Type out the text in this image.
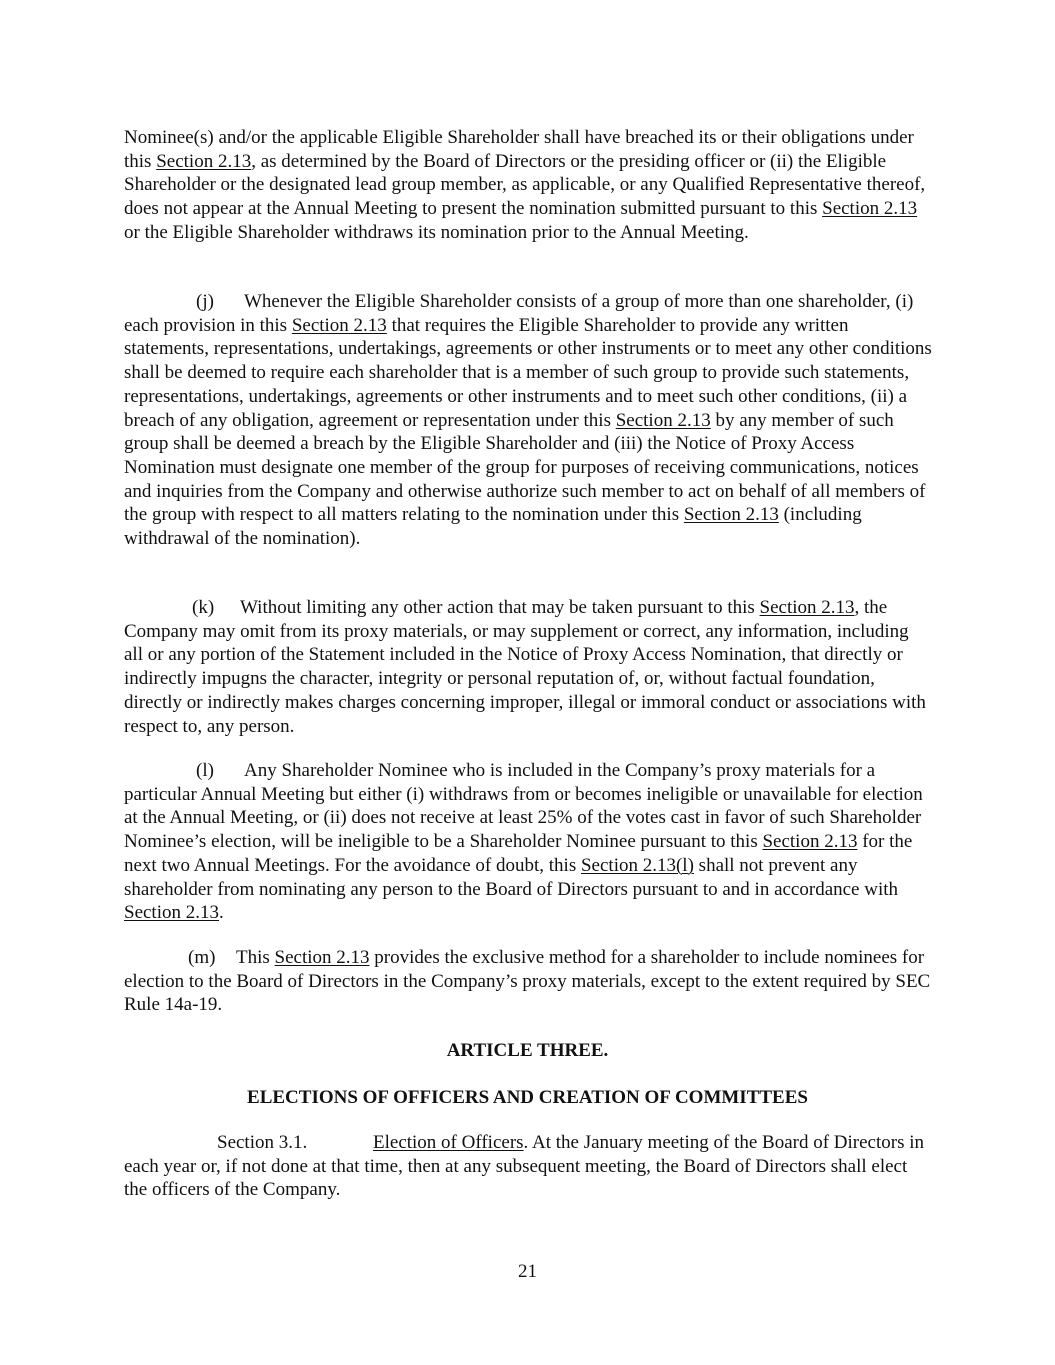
Nominee(s) and/or the applicable Eligible Shareholder shall have breached its or their obligations under this Section 2.13, as determined by the Board of Directors or the presiding officer or (ii) the Eligible Shareholder or the designated lead group member, as applicable, or any Qualified Representative thereof, does not appear at the Annual Meeting to present the nomination submitted pursuant to this Section 2.13 or the Eligible Shareholder withdraws its nomination prior to the Annual Meeting.

(j) Whenever the Eligible Shareholder consists of a group of more than one shareholder, (i) each provision in this Section 2.13 that requires the Eligible Shareholder to provide any written statements, representations, undertakings, agreements or other instruments or to meet any other conditions shall be deemed to require each shareholder that is a member of such group to provide such statements, representations, undertakings, agreements or other instruments and to meet such other conditions, (ii) a breach of any obligation, agreement or representation under this Section 2.13 by any member of such group shall be deemed a breach by the Eligible Shareholder and (iii) the Notice of Proxy Access Nomination must designate one member of the group for purposes of receiving communications, notices and inquiries from the Company and otherwise authorize such member to act on behalf of all members of the group with respect to all matters relating to the nomination under this Section 2.13 (including withdrawal of the nomination).

(k) Without limiting any other action that may be taken pursuant to this Section 2.13, the Company may omit from its proxy materials, or may supplement or correct, any information, including all or any portion of the Statement included in the Notice of Proxy Access Nomination, that directly or indirectly impugns the character, integrity or personal reputation of, or, without factual foundation, directly or indirectly makes charges concerning improper, illegal or immoral conduct or associations with respect to, any person.

(l) Any Shareholder Nominee who is included in the Company’s proxy materials for a particular Annual Meeting but either (i) withdraws from or becomes ineligible or unavailable for election at the Annual Meeting, or (ii) does not receive at least 25% of the votes cast in favor of such Shareholder Nominee’s election, will be ineligible to be a Shareholder Nominee pursuant to this Section 2.13 for the next two Annual Meetings. For the avoidance of doubt, this Section 2.13(l) shall not prevent any shareholder from nominating any person to the Board of Directors pursuant to and in accordance with Section 2.13.

(m) This Section 2.13 provides the exclusive method for a shareholder to include nominees for election to the Board of Directors in the Company’s proxy materials, except to the extent required by SEC Rule 14a-19.

ARTICLE THREE.

ELECTIONS OF OFFICERS AND CREATION OF COMMITTEES

Section 3.1.	Election of Officers. At the January meeting of the Board of Directors in each year or, if not done at that time, then at any subsequent meeting, the Board of Directors shall elect the officers of the Company.

21
